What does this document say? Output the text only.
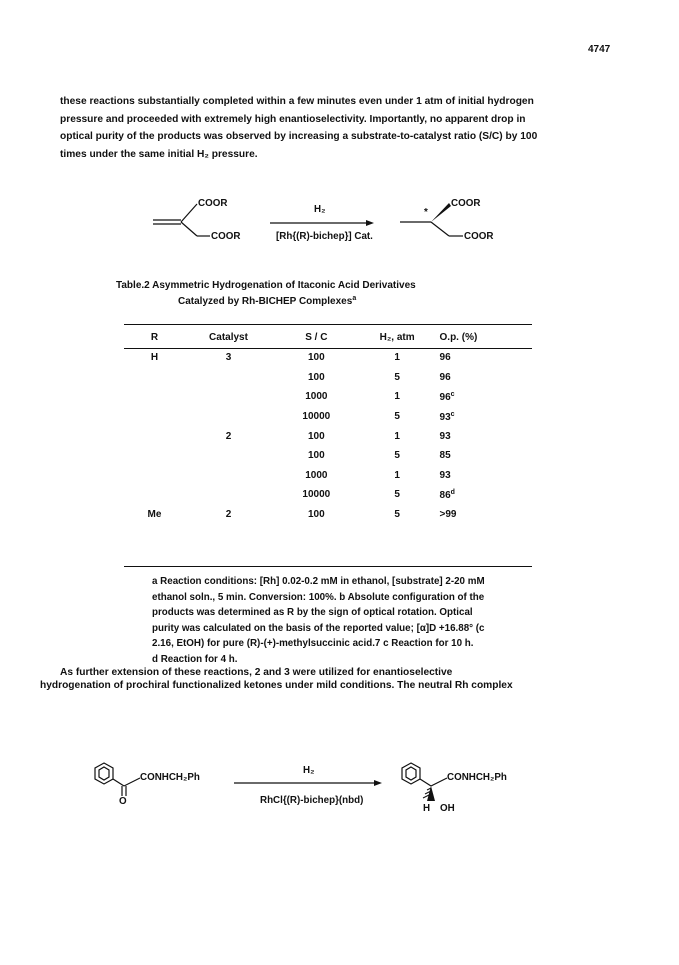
4747
these reactions substantially completed within a few minutes even under 1 atm of initial hydrogen
pressure and proceeded with extremely high enantioselectivity. Importantly, no apparent drop in
optical purity of the products was observed by increasing a substrate-to-catalyst ratio (S/C) by 100
times under the same initial H₂ pressure.
COOR
COOR
H₂
[Rh{(R)-bichep}] Cat.
*
COOR
COOR
Table.2 Asymmetric Hydrogenation of Itaconic Acid Derivatives
Catalyzed by Rh-BICHEP Complexes$^a$
R	Catalyst	S / C	H₂, atm	O.p. (%)
H	3	100	1	96
		100	5	96
		1000	1	96$^c$
		10000	5	93$^c$
	2	100	1	93
		100	5	85
		1000	1	93
		10000	5	86$^d$
Me	2	100	5	>99
a Reaction conditions: [Rh] 0.02-0.2 mM in ethanol, [substrate] 2-20 mM
ethanol soln., 5 min. Conversion: 100%. b Absolute configuration of the
products was determined as R by the sign of optical rotation. Optical
purity was calculated on the basis of the reported value; [α]D +16.88° (c
2.16, EtOH) for pure (R)-(+)-methylsuccinic acid.7 c Reaction for 10 h.
d Reaction for 4 h.
As further extension of these reactions, 2 and 3 were utilized for enantioselective
hydrogenation of prochiral functionalized ketones under mild conditions. The neutral Rh complex
CONHCH₂Ph
O
H₂
RhCl{(R)-bichep}(nbd)
CONHCH₂Ph
H OH
